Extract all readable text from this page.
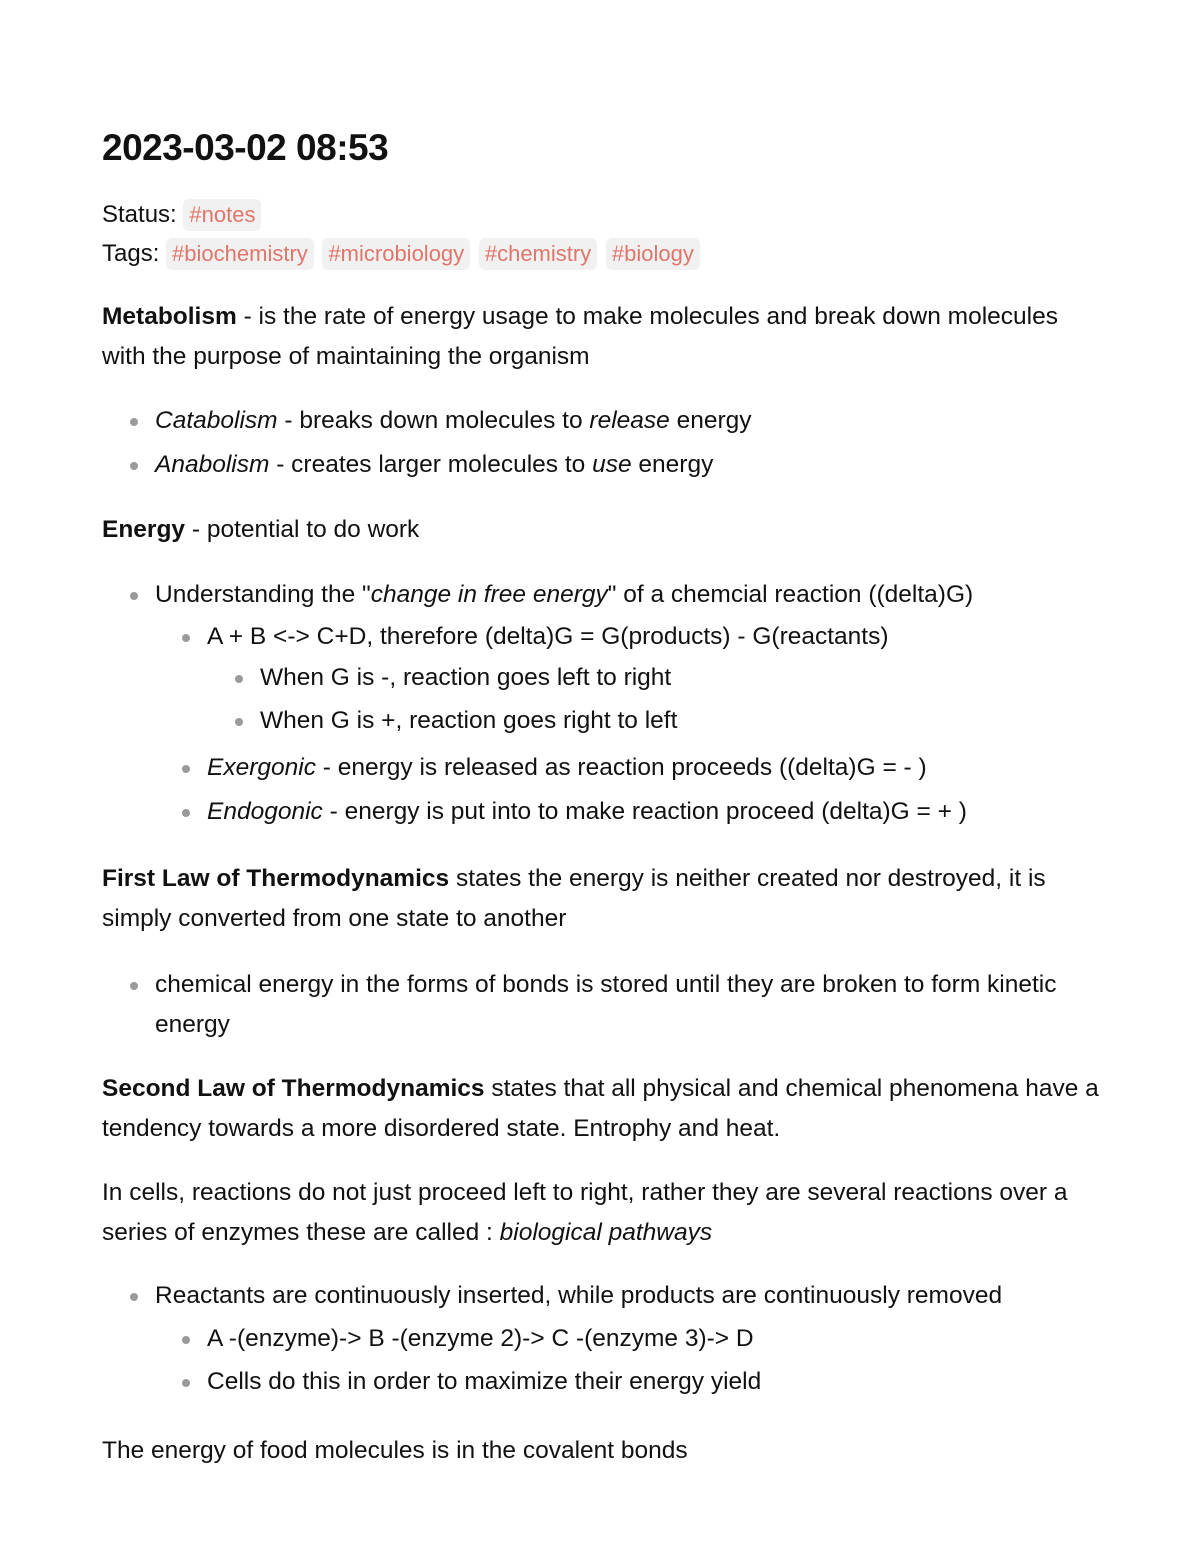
2023-03-02 08:53
Status: #notes
Tags: #biochemistry #microbiology #chemistry #biology

Metabolism - is the rate of energy usage to make molecules and break down molecules with the purpose of maintaining the organism

Catabolism - breaks down molecules to release energy
Anabolism - creates larger molecules to use energy

Energy - potential to do work

Understanding the "change in free energy" of a chemcial reaction ((delta)G)
A + B <-> C+D, therefore (delta)G = G(products) - G(reactants)
When G is -, reaction goes left to right
When G is +, reaction goes right to left
Exergonic - energy is released as reaction proceeds ((delta)G = - )
Endogonic - energy is put into to make reaction proceed (delta)G = + )

First Law of Thermodynamics states the energy is neither created nor destroyed, it is simply converted from one state to another

chemical energy in the forms of bonds is stored until they are broken to form kinetic energy

Second Law of Thermodynamics states that all physical and chemical phenomena have a tendency towards a more disordered state. Entrophy and heat.

In cells, reactions do not just proceed left to right, rather they are several reactions over a series of enzymes these are called : biological pathways

Reactants are continuously inserted, while products are continuously removed
A -(enzyme)-> B -(enzyme 2)-> C -(enzyme 3)-> D
Cells do this in order to maximize their energy yield

The energy of food molecules is in the covalent bonds
